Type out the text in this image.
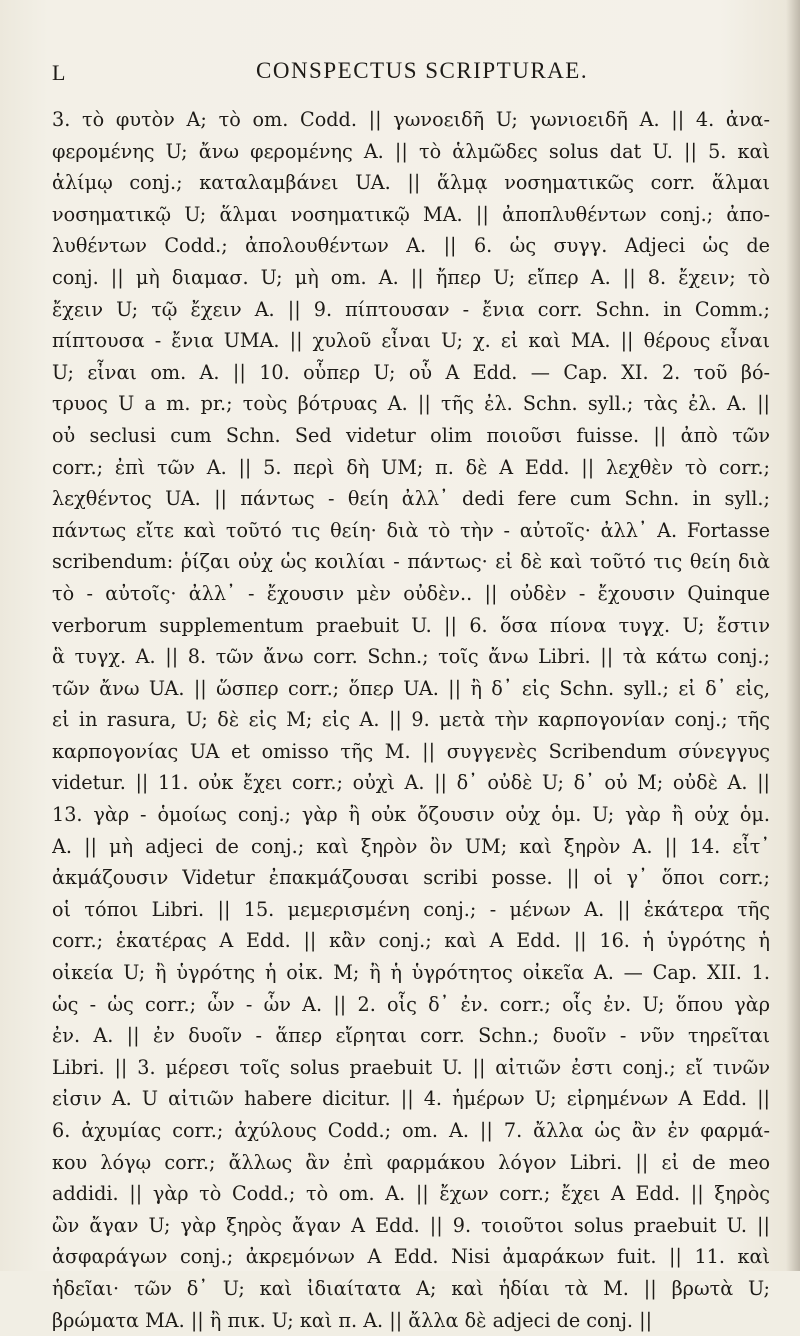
L	CONSPECTUS SCRIPTURAE.
3. τὸ φυτὸν A; τὸ om. Codd. || γωνοειδῆ U; γωνιοειδῆ A. || 4. ἀνα-
φερομένης U; ἄνω φερομένης A. || τὸ ἁλμῶδες solus dat U. || 5. καὶ
ἁλίμῳ conj.; καταλαμβάνει UA. || ἅλμᾳ νοσηματικῶς corr. ἅλμαι
νοσηματικῷ U; ἅλμαι νοσηματικῷ MA. || ἀποπλυθέντων conj.; ἀπο-
λυθέντων Codd.; ἀπολουθέντων A. || 6. ὡς συγγ. Adjeci ὡς de
conj. || μὴ διαμασ. U; μὴ om. A. || ἤπερ U; εἴπερ A. || 8. ἔχειν; τὸ
ἔχειν U; τῷ ἔχειν A. || 9. πίπτουσαν - ἔνια corr. Schn. in Comm.;
πίπτουσα - ἔνια UMA. || χυλοῦ εἶναι U; χ. εἰ καὶ MA. || θέρους εἶναι
U; εἶναι om. A. || 10. οὗπερ U; οὗ A Edd. — Cap. XI. 2. τοῦ βό-
τρυος U a m. pr.; τοὺς βότρυας A. || τῆς ἐλ. Schn. syll.; τὰς ἐλ. A. ||
οὐ seclusi cum Schn. Sed videtur olim ποιοῦσι fuisse. || ἀπὸ τῶν
corr.; ἐπὶ τῶν A. || 5. περὶ δὴ UM; π. δὲ A Edd. || λεχθὲν τὸ corr.;
λεχθέντος UA. || πάντως - θείη ἀλλ᾽ dedi fere cum Schn. in syll.;
πάντως εἴτε καὶ τοῦτό τις θείη· διὰ τὸ τὴν - αὐτοῖς· ἀλλ᾽ A. Fortasse
scribendum: ῥίζαι οὐχ ὡς κοιλίαι - πάντως· εἰ δὲ καὶ τοῦτό τις θείη διὰ
τὸ - αὐτοῖς· ἀλλ᾽ - ἔχουσιν μὲν οὐδὲν.. || οὐδὲν - ἔχουσιν Quinque
verborum supplementum praebuit U. || 6. ὅσα πίονα τυγχ. U; ἔστιν
ἃ τυγχ. A. || 8. τῶν ἄνω corr. Schn.; τοῖς ἄνω Libri. || τὰ κάτω conj.;
τῶν ἄνω UA. || ὥσπερ corr.; ὅπερ UA. || ἢ δ᾽ εἰς Schn. syll.; εἰ δ᾽ εἰς,
εἰ in rasura, U; δὲ εἰς M; εἰς A. || 9. μετὰ τὴν καρπογονίαν conj.; τῆς
καρπογονίας UA et omisso τῆς M. || συγγενὲς Scribendum σύνεγγυς
videtur. || 11. οὐκ ἔχει corr.; οὐχὶ A. || δ᾽ οὐδὲ U; δ᾽ οὐ M; οὐδὲ A. ||
13. γὰρ - ὁμοίως conj.; γὰρ ἢ οὐκ ὄζουσιν οὐχ ὁμ. U; γὰρ ἢ οὐχ ὁμ.
A. || μὴ adjeci de conj.; καὶ ξηρὸν ὂν UM; καὶ ξηρὸν A. || 14. εἶτ᾽
ἀκμάζουσιν Videtur ἐπακμάζουσαι scribi posse. || οἱ γ᾽ ὅποι corr.;
οἱ τόποι Libri. || 15. μεμερισμένη conj.; - μένων A. || ἑκάτερα τῆς
corr.; ἑκατέρας A Edd. || κἂν conj.; καὶ A Edd. || 16. ἡ ὑγρότης ἡ
οἰκεία U; ἢ ὑγρότης ἡ οἰκ. M; ἢ ἡ ὑγρότητος οἰκεῖα A. — Cap. XII. 1.
ὡς - ὡς corr.; ὧν - ὧν A. || 2. οἷς δ᾽ ἐν. corr.; οἷς ἐν. U; ὅπου γὰρ
ἐν. A. || ἐν δυοῖν - ἅπερ εἴρηται corr. Schn.; δυοῖν - νῦν τηρεῖται
Libri. || 3. μέρεσι τοῖς solus praebuit U. || αἰτιῶν ἐστι conj.; εἴ τινῶν
εἰσιν A. U αἰτιῶν habere dicitur. || 4. ἡμέρων U; εἰρημένων A Edd. ||
6. ἀχυμίας corr.; ἀχύλους Codd.; om. A. || 7. ἄλλα ὡς ἂν ἐν φαρμά-
κου λόγῳ corr.; ἄλλως ἂν ἐπὶ φαρμάκου λόγον Libri. || εἰ de meo
addidi. || γὰρ τὸ Codd.; τὸ om. A. || ἔχων corr.; ἔχει A Edd. || ξηρὸς
ὢν ἄγαν U; γὰρ ξηρὸς ἄγαν A Edd. || 9. τοιοῦτοι solus praebuit U. ||
ἀσφαράγων conj.; ἀκρεμόνων A Edd. Nisi ἀμαράκων fuit. || 11. καὶ
ἡδεῖαι· τῶν δ᾽ U; καὶ ἰδιαίτατα A; καὶ ἡδίαι τὰ M. || βρωτὰ U;
βρώματα MA. || ἢ πικ. U; καὶ π. A. || ἄλλα δὲ adjeci de conj. ||
